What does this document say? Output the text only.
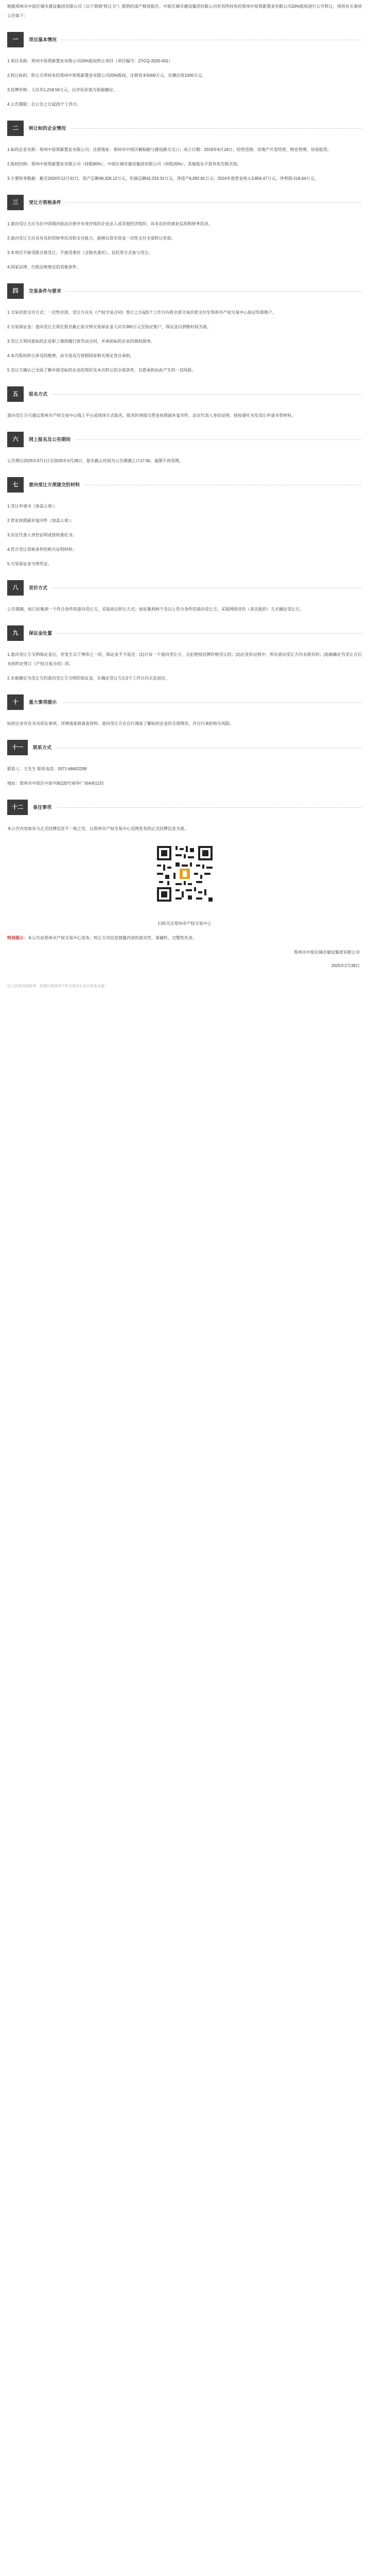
根据郑州市中原区城市建设集团有限公司（以下简称“转让方”）提供的清产核资报告，中原区城市建设集团有限公司对其所持有的郑州中原郑新置业有限公司20%股权进行公开转让，现将有关事项公告如下：

一	项目基本情况

1.项目名称：郑州中原郑新置业有限公司20%股权转让项目（项目编号：ZYCQ-2025-001）

2.转让标的：转让方所持有的郑州中原郑新置业有限公司20%股权，注册资本5000万元，实缴出资1000万元。

3.挂牌价格：人民币1,218.56万元，以评估价值为依据确定。

4.公告期限：自公告之日起20个工作日。

二	转让标的企业情况

1.标的企业名称：郑州中原郑新置业有限公司；注册地址：郑州市中原区桐柏路与建设路交叉口；成立日期：2019年6月18日；经营范围：房地产开发经营、物业管理、房屋租赁。

2.股权结构：郑州中原郑新置业有限公司（持股80%）、中原区城市建设集团有限公司（持股20%）。其他股东不放弃优先购买权。

3.主要财务数据：截至2024年12月31日，资产总额48,326.12万元，负债总额42,233.31万元，净资产6,092.81万元；2024年度营业收入3,856.47万元，净利润-218.64万元。

三	受让方资格条件

1.意向受让方应为在中国境内依法注册并有效存续的企业法人或其他经济组织，具有良好的商业信用和财务状况。

2.意向受让方应具有良好的财务状况和支付能力，能够以货币资金一次性支付全部转让价款。

3.本项目不接受联合体受让，不接受委托（含隐名委托）、信托等方式参与受让。

4.国家法律、行政法规规定的其他条件。

四	交易条件与要求

1.交易价款支付方式：一次性付款。受让方应在《产权交易合同》签订之日起5个工作日内将全部交易价款支付至郑州市产权交易中心指定结算账户。

2.交易保证金：意向受让方须在报名截止前交纳交易保证金人民币365万元至指定账户，保证金以到账时间为准。

3.受让方须同意标的企业职工继续履行原劳动合同，并承担标的企业的债权债务。

4.本次股权转让涉及的税费，由交易双方按照国家相关规定各自承担。

5.受让方确认已全面了解并接受标的企业的现状及本次转让的全部条件，自愿承担由此产生的一切风险。

五	报名方式

意向受让方可通过郑州市产权交易中心线上平台或现场方式报名，报名时须提交营业执照副本复印件、法定代表人身份证明、授权委托书及受让申请书等材料。

六	网上报名及公告期间

公告期自2025年3月1日至2025年3月28日，报名截止时间为公告期满之日17:00。逾期不再受理。

七	意向受让方须提交的材料

1.受让申请书（加盖公章）；

2.营业执照副本复印件（加盖公章）；

3.法定代表人身份证明或授权委托书；

4.符合受让资格条件的相关证明材料；

5.交易保证金交纳凭证。

八	竞价方式

公告期满，如只征集到一个符合条件的意向受让方，采取协议转让方式；如征集到两个及以上符合条件的意向受让方，采取网络竞价（多次报价）方式确定受让方。

九	保证金处置

1.意向受让方交纳保证金后，若发生以下情形之一的，保证金不予退还：(1)只有一个意向受让方，且拒绝按挂牌价格受让的；(2)在竞价过程中，所有意向受让方均未报价的；(3)被确定为受让方后未按约定签订《产权交易合同》的。

2.未被确定为受让方的意向受让方交纳的保证金，在确定受让方后3个工作日内无息退还。

十	重大事项提示

标的企业存在未决诉讼事项，详情请查阅备查资料。意向受让方应自行调查了解标的企业的全部情况，并自行承担相关风险。

十一	联系方式

联系人：王先生 联系电话：0371-68402299

地址：郑州市中原区中原中路220号裕华广场A座12层

十二	备注事项

本公告内容如有与正式挂牌信息不一致之处，以郑州市产权交易中心官网发布的正式挂牌信息为准。

扫码关注郑州市产权交易中心

特别提示：本公告由郑州市产权交易中心发布，转让方对信息披露内容的真实性、准确性、完整性负责。

郑州市中原区城市建设集团有限公司
2025年2月28日

以上信息仅供参考，具体以郑州市产权交易中心官方发布为准。
